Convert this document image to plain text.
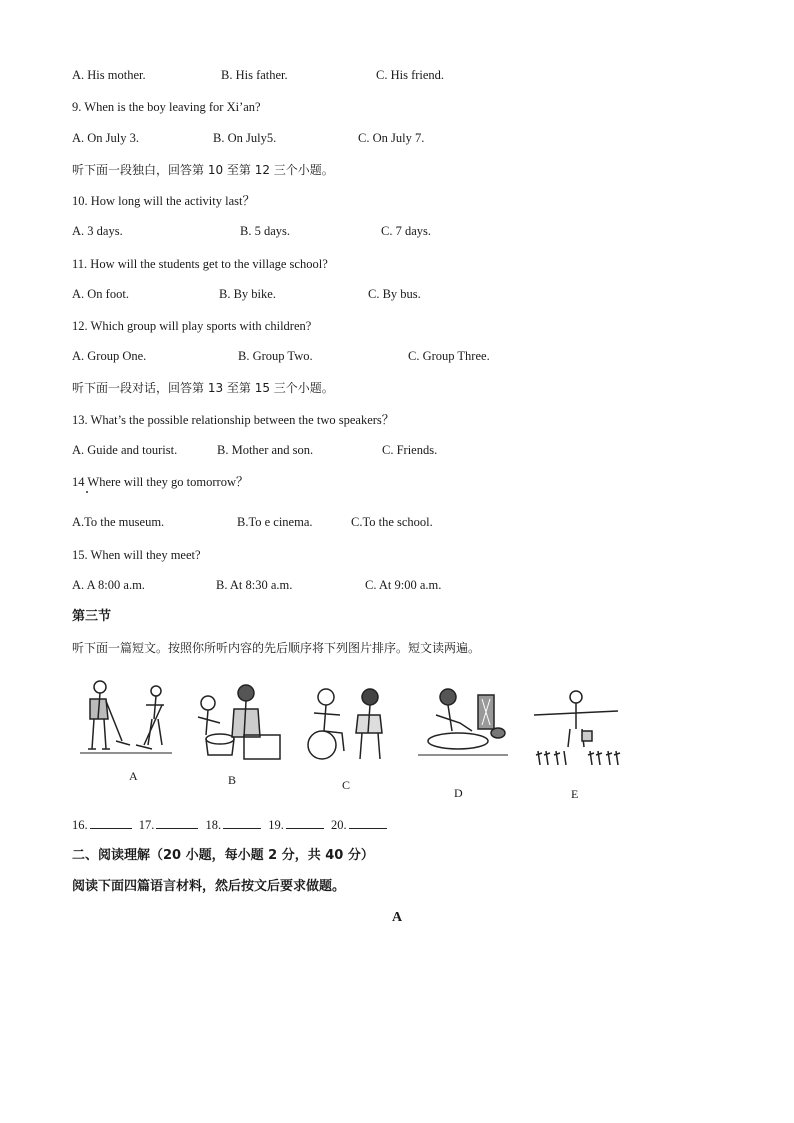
A. His mother.	B. His father.	C. His friend.
9. When is the boy leaving for Xi’an?
A. On July 3.	B. On July5.	C. On July 7.
听下面一段独白，回答第 10 至第 12 三个小题。
10. How long will the activity last？
A. 3 days.	B. 5 days.	C. 7 days.
11. How will the students get to the village school?
A. On foot.	B. By bike.	C. By bus.
12. Which group will play sports with children?
A. Group One.	B. Group Two.	C. Group Three.
听下面一段对话，回答第 13 至第 15 三个小题。
13. What’s the possible relationship between the two speakers？
A. Guide and tourist.	B. Mother and son.	C. Friends.
14 Where will they go tomorrow？
A.To the museum.	B.To e cinema.	C.To the school.
15. When will they meet?
A. A 8:00 a.m.	B. At 8:30 a.m.	C. At 9:00 a.m.
第三节
听下面一篇短文。按照你所听内容的先后顺序将下列图片排序。短文读两遍。
A	B	C
D	E
16.	17.	18.	19.	20.
二、阅读理解（20 小题，每小题 2 分，共 40 分）
阅读下面四篇语言材料，然后按文后要求做题。
A
